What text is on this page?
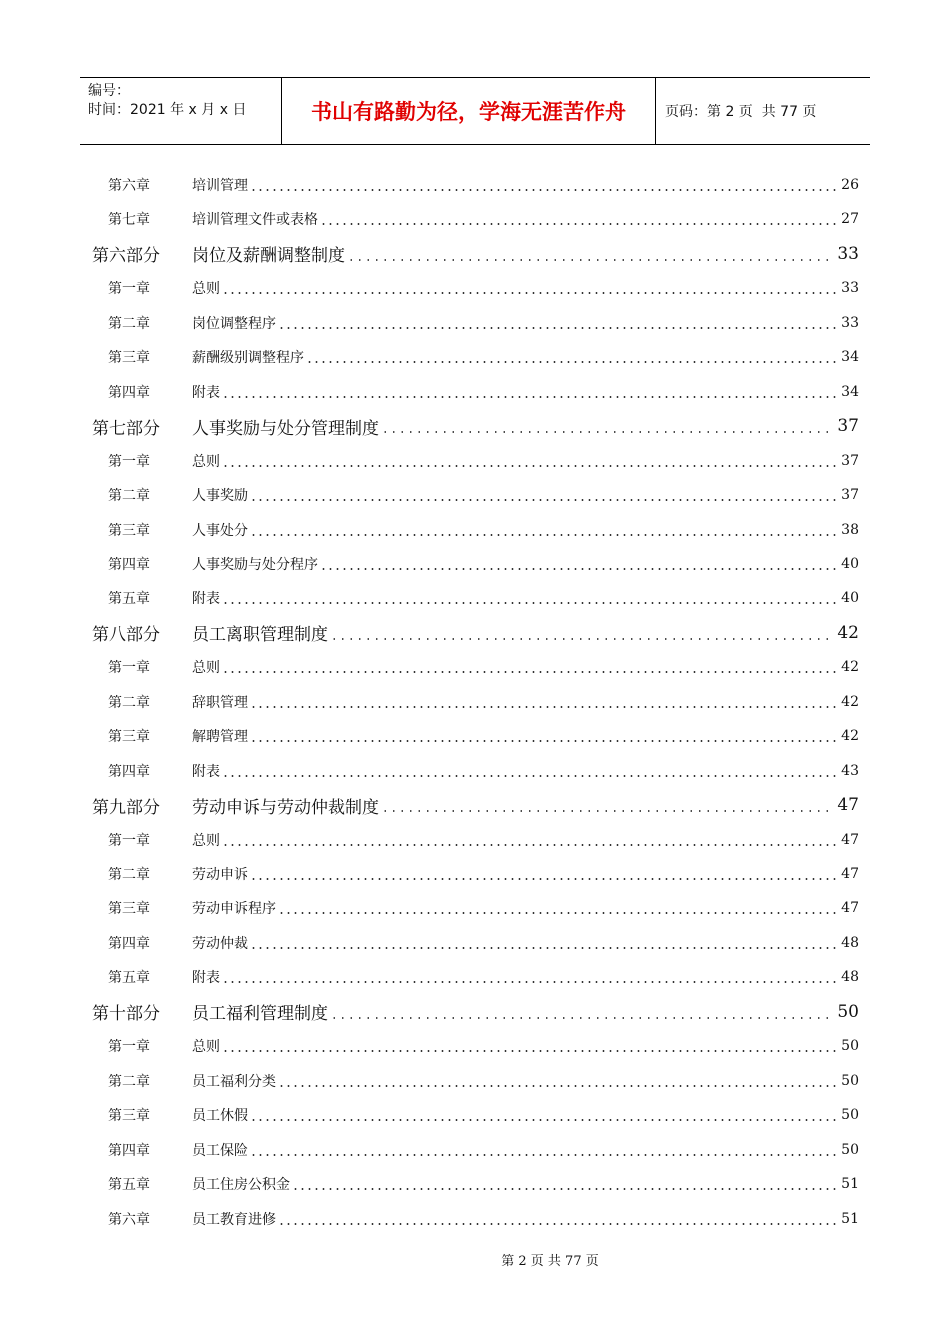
编号：
时间：2021 年 x 月 x 日	书山有路勤为径，学海无涯苦作舟	页码：第 2 页  共 77 页
第六章	培训管理	26
第七章	培训管理文件或表格	27
第六部分 岗位及薪酬调整制度	33
第一章	总则	33
第二章	岗位调整程序	33
第三章	薪酬级别调整程序	34
第四章	附表	34
第七部分 人事奖励与处分管理制度	37
第一章	总则	37
第二章	人事奖励	37
第三章	人事处分	38
第四章	人事奖励与处分程序	40
第五章	附表	40
第八部分 员工离职管理制度	42
第一章	总则	42
第二章	辞职管理	42
第三章	解聘管理	42
第四章	附表	43
第九部分 劳动申诉与劳动仲裁制度	47
第一章	总则	47
第二章	劳动申诉	47
第三章	劳动申诉程序	47
第四章	劳动仲裁	48
第五章	附表	48
第十部分 员工福利管理制度	50
第一章	总则	50
第二章	员工福利分类	50
第三章	员工休假	50
第四章	员工保险	50
第五章	员工住房公积金	51
第六章	员工教育进修	51
第 2 页 共 77 页
